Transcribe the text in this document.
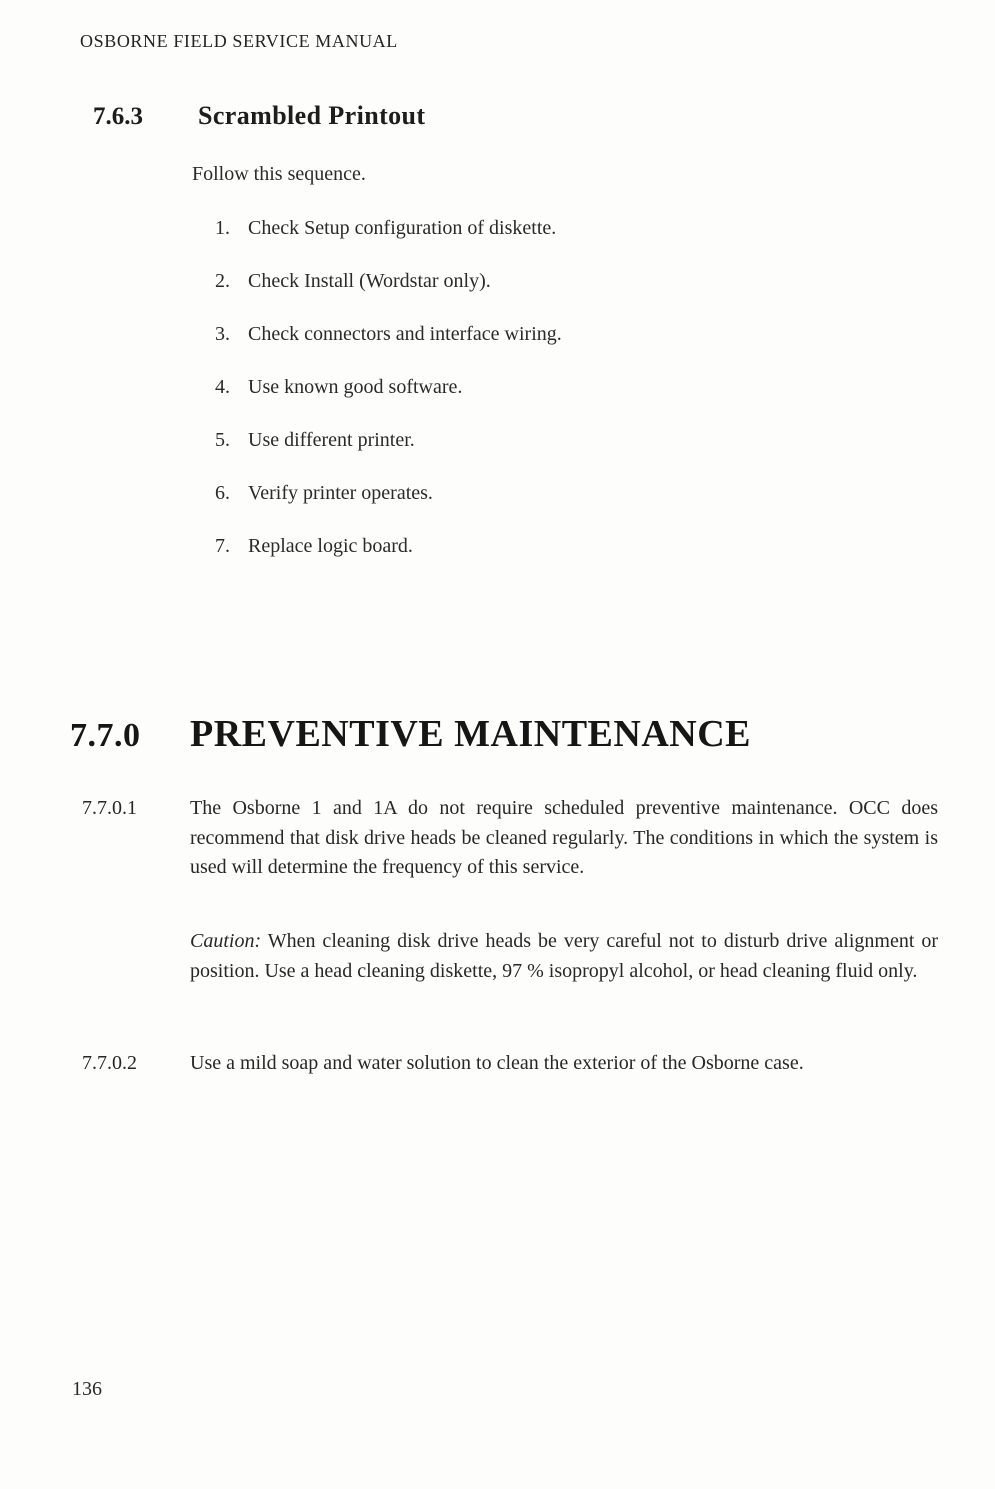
OSBORNE FIELD SERVICE MANUAL
7.6.3	Scrambled Printout

Follow this sequence.

1. Check Setup configuration of diskette.
2. Check Install (Wordstar only).
3. Check connectors and interface wiring.
4. Use known good software.
5. Use different printer.
6. Verify printer operates.
7. Replace logic board.
7.7.0	PREVENTIVE MAINTENANCE
7.7.0.1	The Osborne 1 and 1A do not require scheduled preventive maintenance. OCC does recommend that disk drive heads be cleaned regularly. The conditions in which the system is used will determine the frequency of this service.

Caution: When cleaning disk drive heads be very careful not to disturb drive alignment or position. Use a head cleaning diskette, 97 % isopropyl alcohol, or head cleaning fluid only.

7.7.0.2	Use a mild soap and water solution to clean the exterior of the Osborne case.

136
